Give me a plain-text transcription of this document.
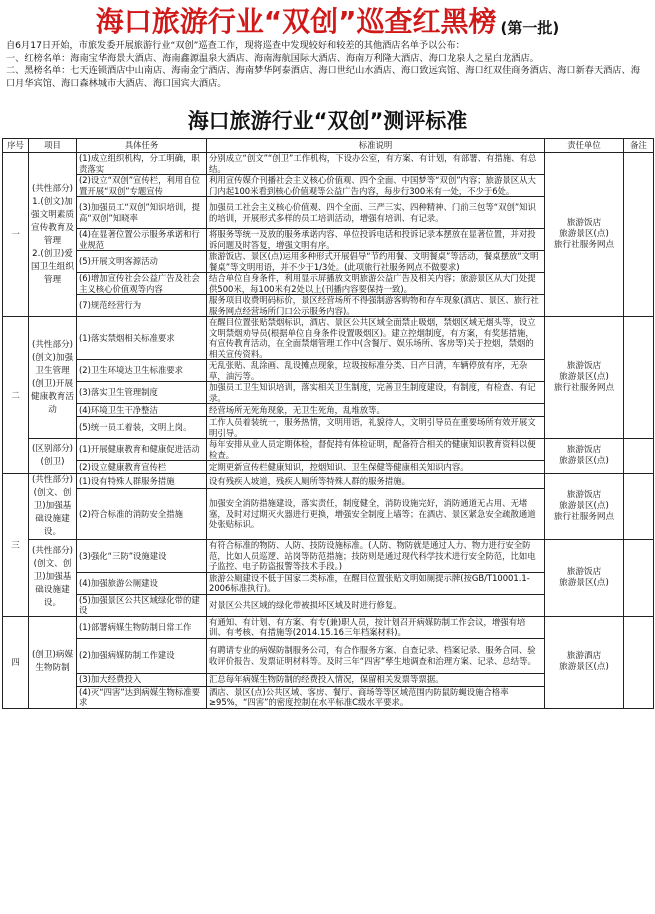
海口旅游行业“双创”巡查红黑榜 (第一批)

自6月17日开始，市旅发委开展旅游行业“双创”巡查工作，现将巡查中发现较好和较差的其他酒店名单予以公布：

一、红榜名单：海南宝华海景大酒店、海南鑫源温泉大酒店、海南海航国际大酒店、海南万利隆大酒店、海口龙泉人之星白龙酒店。

二、黑榜名单：七天连锁酒店中山南店、海南金宁酒店、海南梦华阿泰酒店、海口世纪山水酒店、海口致远宾馆、海口红双佳商务酒店、海口新春天酒店、海口月华宾馆、海口森林城市大酒店、海口国宾大酒店。

海口旅游行业“双创”测评标准
序号	项目	具体任务	标准说明	责任单位	备注
一	(共性部分)
1.(创文)加强文明素质宣传教育及管理
2.(创卫)爱国卫生组织管理	(1)成立组织机构，分工明确，职责落实	分别成立“创文”“创卫”工作机构，下设办公室，有方案、有计划，有部署、有措施、有总结。	旅游饭店
旅游景区(点)
旅行社服务网点	
		(2)设立“双创”宣传栏，利用自位置开展“双创”专题宣传	利用宣传媒介刊播社会主义核心价值观、四个全面、中国梦等“双创”内容；旅游景区从大门内起100米看到核心价值观等公益广告内容，每步行300米有一处，不少于6处。		
		(3)加强员工“双创”知识培训，提高“双创”知晓率	加强员工社会主义核心价值观、四个全面、三严三实、四种精神、门前三包等“双创”知识的培训，开展形式多样的员工培训活动，增强有培训、有记录。		
		(4)在显著位置公示服务承诺和行业规范	将服务等统一及放的服务承诺内容、单位投诉电话和投诉记录本摆放在显著位置，并对投诉问题及时答复，增强文明有序。		
		(5)开展文明客源活动	旅游饭店、景区(点)运用多种形式开展倡导“节约用餐、文明餐桌”等活动，餐桌摆放“文明餐桌”等文明用语，并不少于1/3处。(此项旅行社服务网点不做要求)		
		(6)增加宣传社会公益广告及社会主义核心价值观等内容	结合单位自身条件，利用显示屏播放文明旅游公益广告及相关内容；旅游景区从大门处提供500米，每100米有2处以上(刊播内容要保持一致)。		
		(7)规范经营行为	服务项目收费明码标价，景区经营场所不得强制游客购物和存车现象(酒店、景区、旅行社服务网点经营场所门口公示服务内容)。		
二	(共性部分)
(创文)加强卫生管理
(创卫)开展健康教育活动	(1)落实禁烟相关标准要求	在醒目位置张贴禁烟标识，酒店、景区公共区域全面禁止吸烟，禁烟区域无烟头等，设立文明禁烟劝导员(根据单位自身条件设置吸烟区)。建立控烟制度，有方案，有奖惩措施，有宣传教育活动，在全面禁烟管理工作中(含餐厅、娱乐场所、客房等)关于控烟，禁烟的相关宣传资料。	旅游饭店
旅游景区(点)
旅行社服务网点	
		(2)卫生环境达卫生标准要求	无乱张贴、乱涂画、乱设摊点现象，垃圾按标准分类、日产日清，车辆停放有序，无杂草，油污等。		
		(3)落实卫生管理制度	加强员工卫生知识培训，落实相关卫生制度，完善卫生制度建设，有制度，有检查、有记录。		
		(4)环境卫生干净整洁	经营场所无死角现象，无卫生死角，乱堆放等。		
		(5)统一员工着装，文明上岗。	工作人员着装统一，服务热情，文明用语，礼貌待人，文明引导员在重要场所有效开展文明引导。		
	(区别部分)
(创卫)	(1)开展健康教育和健康促进活动	每年安排从业人员定期体检，督促持有体检证明，配备符合相关的健康知识教育资料以便检查。	旅游饭店
旅游景区(点)	
		(2)设立健康教育宣传栏	定期更新宣传栏健康知识，控烟知识、卫生保健等健康相关知识内容。		
三	(共性部分)
(创文、创卫)加强基础设施建设。	(1)设有特殊人群服务措施	设有残疾人坡道，残疾人厕所等特殊人群的服务措施。	旅游饭店
旅游景区(点)
旅行社服务网点	
		(2)符合标准的消防安全措施	加强安全消防措施建设，落实责任，制度健全，消防设施完好，消防通道无占用、无堵塞，及时对过期灭火器进行更换，增强安全制度上墙等；在酒店、景区紧急安全疏散通道处张贴标识。		
	(共性部分)
(创文、创卫)加强基础设施建设。	(3)强化“三防”设施建设	有符合标准的物防、人防、技防设施标准。(人防、物防就是通过人力、物力进行安全防范，比如人员巡逻、站岗等防范措施；技防则是通过现代科学技术进行安全防范，比如电子监控、电子防盗报警等技术手段。)	旅游饭店
旅游景区(点)	
		(4)加强旅游公厕建设	旅游公厕建设不低于国家二类标准，在醒目位置张贴文明如厕提示牌(按GB/T10001.1-2006标准执行)。		
		(5)加强景区公共区域绿化带的建设	对景区公共区域的绿化带被损坏区域及时进行修复。		
四	(创卫)病媒生物防制	(1)部署病媒生物防制日常工作	有通知、有计划、有方案、有专(兼)职人员，按计划召开病媒防制工作会议，增强有培训、有考核、有措施等(2014.15.16三年档案材料)。	旅游酒店
旅游景区(点)	
		(2)加强病媒防制工作建设	有聘请专业的病媒防制服务公司，有合作服务方案、自查记录、档案记录、服务合同、验收评价报告、发票证明材料等。及时三年“四害”孳生地调查和治理方案、记录、总结等。		
		(3)加大经费投入	汇总每年病媒生物防制的经费投入情况，保留相关发票等票据。		
		(4)灭“四害”达到病媒生物标准要求	酒店、景区(点)公共区域、客房、餐厅、商场等等区域范围内防鼠防蝇设施合格率≥95%，“四害”的密度控制在水平标准C级水平要求。		
